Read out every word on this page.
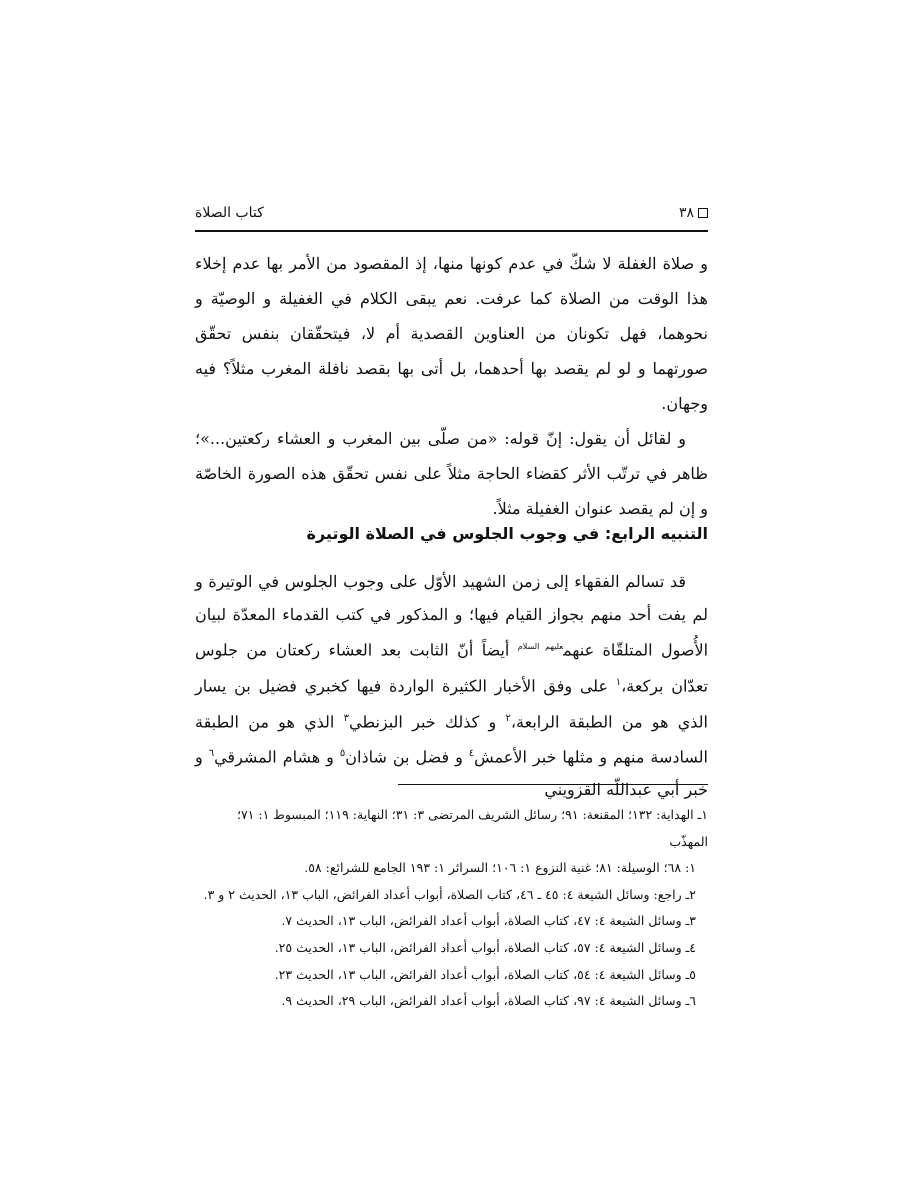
٣٨
كتاب الصلاة

و صلاة الغفلة لا شكّ في عدم كونها منها، إذ المقصود من الأمر بها عدم إخلاء هذا الوقت من الصلاة كما عرفت. نعم يبقى الكلام في الغفيلة و الوصيّة و نحوهما، فهل تكونان من العناوين القصدية أم لا، فيتحقّقان بنفس تحقّق صورتهما و لو لم يقصد بها أحدهما، بل أتى بها بقصد نافلة المغرب مثلاً؟ فيه وجهان.

و لقائل أن يقول: إنّ قوله: «من صلّى بين المغرب و العشاء ركعتين...»؛ ظاهر في ترتّب الأثر كقضاء الحاجة مثلاً على نفس تحقّق هذه الصورة الخاصّة و إن لم يقصد عنوان الغفيلة مثلاً.

التنبيه الرابع: في وجوب الجلوس في الصلاة الوتيرة

قد تسالم الفقهاء إلى زمن الشهيد الأوّل على وجوب الجلوس في الوتيرة و لم يفت أحد منهم بجواز القيام فيها؛ و المذكور في كتب القدماء المعدّة لبيان الأُصول المتلقّاة عنهم$^{عليهم السلام}$ أيضاً أنّ الثابت بعد العشاء ركعتان من جلوس تعدّان بركعة،$^١$ على وفق الأخبار الكثيرة الواردة فيها كخبري فضيل بن يسار الذي هو من الطبقة الرابعة،$^٢$ و كذلك خبر البزنطي$^٣$ الذي هو من الطبقة السادسة منهم و مثلها خبر الأعمش$^٤$ و فضل بن شاذان$^٥$ و هشام المشرقي$^٦$ و خبر أبي عبداللّه القزويني

١ـ الهداية: ١٣٢؛ المقنعة: ٩١؛ رسائل الشريف المرتضى ٣: ٣١؛ النهاية: ١١٩؛ المبسوط ١: ٧١؛ المهذّب

١: ٦٨؛ الوسيلة: ٨١؛ غنية النزوع ١: ١٠٦؛ السرائر ١: ١٩٣ الجامع للشرائع: ٥٨.

٢ـ راجع: وسائل الشيعة ٤: ٤٥ ـ ٤٦، كتاب الصلاة، أبواب أعداد الفرائض، الباب ١٣، الحديث ٢ و ٣.

٣ـ وسائل الشيعة ٤: ٤٧، كتاب الصلاة، أبواب أعداد الفرائض، الباب ١٣، الحديث ٧.

٤ـ وسائل الشيعة ٤: ٥٧، كتاب الصلاة، أبواب أعداد الفرائض، الباب ١٣، الحديث ٢٥.

٥ـ وسائل الشيعة ٤: ٥٤، كتاب الصلاة، أبواب أعداد الفرائض، الباب ١٣، الحديث ٢٣.

٦ـ وسائل الشيعة ٤: ٩٧، كتاب الصلاة، أبواب أعداد الفرائض، الباب ٢٩، الحديث ٩.
